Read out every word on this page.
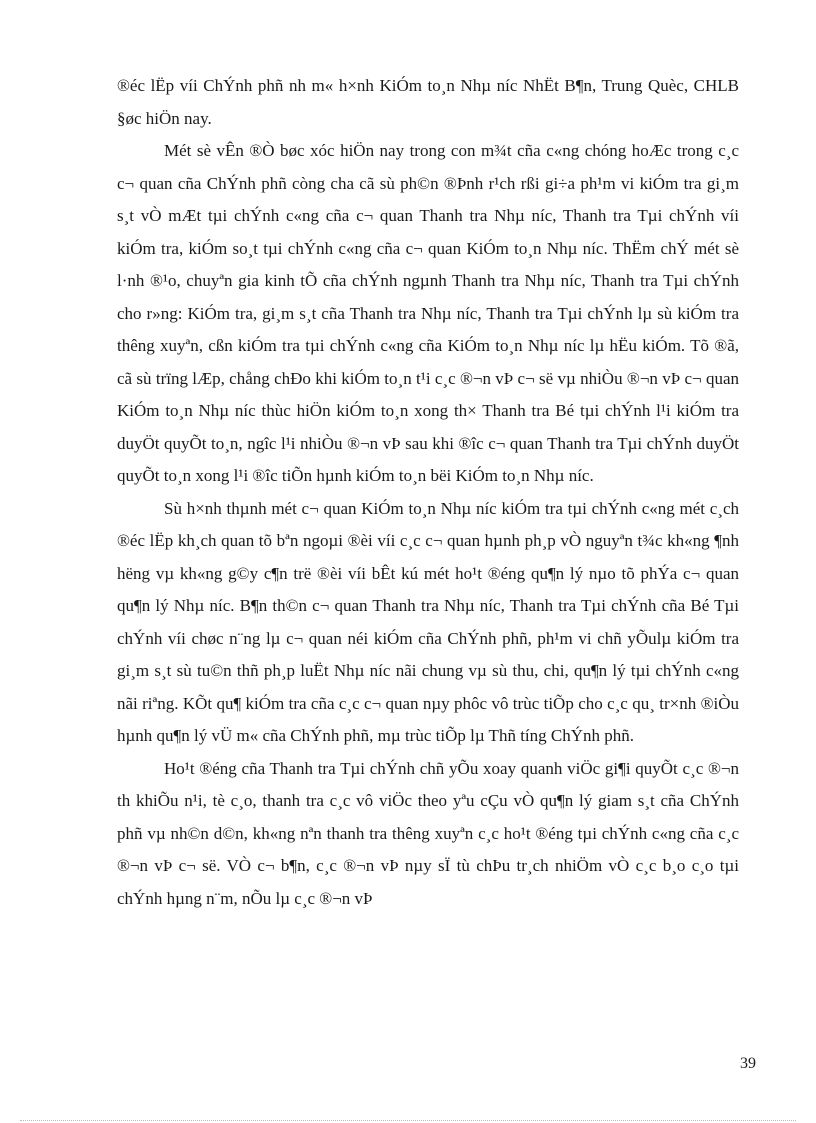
®éc lËp víi ChÝnh phñ nh m« h×nh KiÓm to¸n Nhµ níc NhËt B¶n, Trung Quèc, CHLB §øc hiÖn nay.

Mét sè vÊn ®Ò bøc xóc hiÖn nay trong con m¾t cña c«ng chóng hoÆc trong c¸c c¬ quan cña ChÝnh phñ còng cha cã sù ph©n ®Þnh r¹ch rßi gi÷a ph¹m vi kiÓm tra gi¸m s¸t vÒ mÆt tµi chÝnh c«ng cña c¬ quan Thanh tra Nhµ níc, Thanh tra Tµi chÝnh víi kiÓm tra, kiÓm so¸t tµi chÝnh c«ng cña c¬ quan KiÓm to¸n Nhµ níc. ThËm chÝ mét sè l·nh ®¹o, chuyªn gia kinh tÕ cña chÝnh ngµnh Thanh tra Nhµ níc, Thanh tra Tµi chÝnh cho r»ng: KiÓm tra, gi¸m s¸t cña Thanh tra Nhµ níc, Thanh tra Tµi chÝnh lµ sù kiÓm tra thêng xuyªn, cßn kiÓm tra tµi chÝnh c«ng cña KiÓm to¸n Nhµ níc lµ hËu kiÓm. Tõ ®ã, cã sù trïng lÆp, chång chÐo khi kiÓm to¸n t¹i c¸c ®¬n vÞ c¬ së vµ nhiÒu ®¬n vÞ c¬ quan KiÓm to¸n Nhµ níc thùc hiÖn kiÓm to¸n xong th× Thanh tra Bé tµi chÝnh l¹i kiÓm tra duyÖt quyÕt to¸n, ngîc l¹i nhiÒu ®¬n vÞ sau khi ®îc c¬ quan Thanh tra Tµi chÝnh duyÖt quyÕt to¸n xong l¹i ®îc tiÕn hµnh kiÓm to¸n bëi KiÓm to¸n Nhµ níc.

Sù h×nh thµnh mét c¬ quan KiÓm to¸n Nhµ níc kiÓm tra tµi chÝnh c«ng mét c¸ch ®éc lËp kh¸ch quan tõ bªn ngoµi ®èi víi c¸c c¬ quan hµnh ph¸p vÒ nguyªn t¾c kh«ng ¶nh hëng vµ kh«ng g©y c¶n trë ®èi víi bÊt kú mét ho¹t ®éng qu¶n lý nµo tõ phÝa c¬ quan qu¶n lý Nhµ níc. B¶n th©n c¬ quan Thanh tra Nhµ níc, Thanh tra Tµi chÝnh cña Bé Tµi chÝnh víi chøc n¨ng lµ c¬ quan néi kiÓm cña ChÝnh phñ, ph¹m vi chñ yÕulµ kiÓm tra gi¸m s¸t sù tu©n thñ ph¸p luËt Nhµ níc nãi chung vµ sù thu, chi, qu¶n lý tµi chÝnh c«ng nãi riªng. KÕt qu¶ kiÓm tra cña c¸c c¬ quan nµy phôc vô trùc tiÕp cho c¸c qu¸ tr×nh ®iÒu hµnh qu¶n lý vÜ m« cña ChÝnh phñ, mµ trùc tiÕp lµ Thñ tíng ChÝnh phñ.

Ho¹t ®éng cña Thanh tra Tµi chÝnh chñ yÕu xoay quanh viÖc gi¶i quyÕt c¸c ®¬n th khiÕu n¹i, tè c¸o, thanh tra c¸c vô viÖc theo yªu cÇu vÒ qu¶n lý giam s¸t cña ChÝnh phñ vµ nh©n d©n, kh«ng nªn thanh tra thêng xuyªn c¸c ho¹t ®éng tµi chÝnh c«ng cña c¸c ®¬n vÞ c¬ së. VÒ c¬ b¶n, c¸c ®¬n vÞ nµy sÏ tù chÞu tr¸ch nhiÖm vÒ c¸c b¸o c¸o tµi chÝnh hµng n¨m, nÕu lµ c¸c ®¬n vÞ

39
